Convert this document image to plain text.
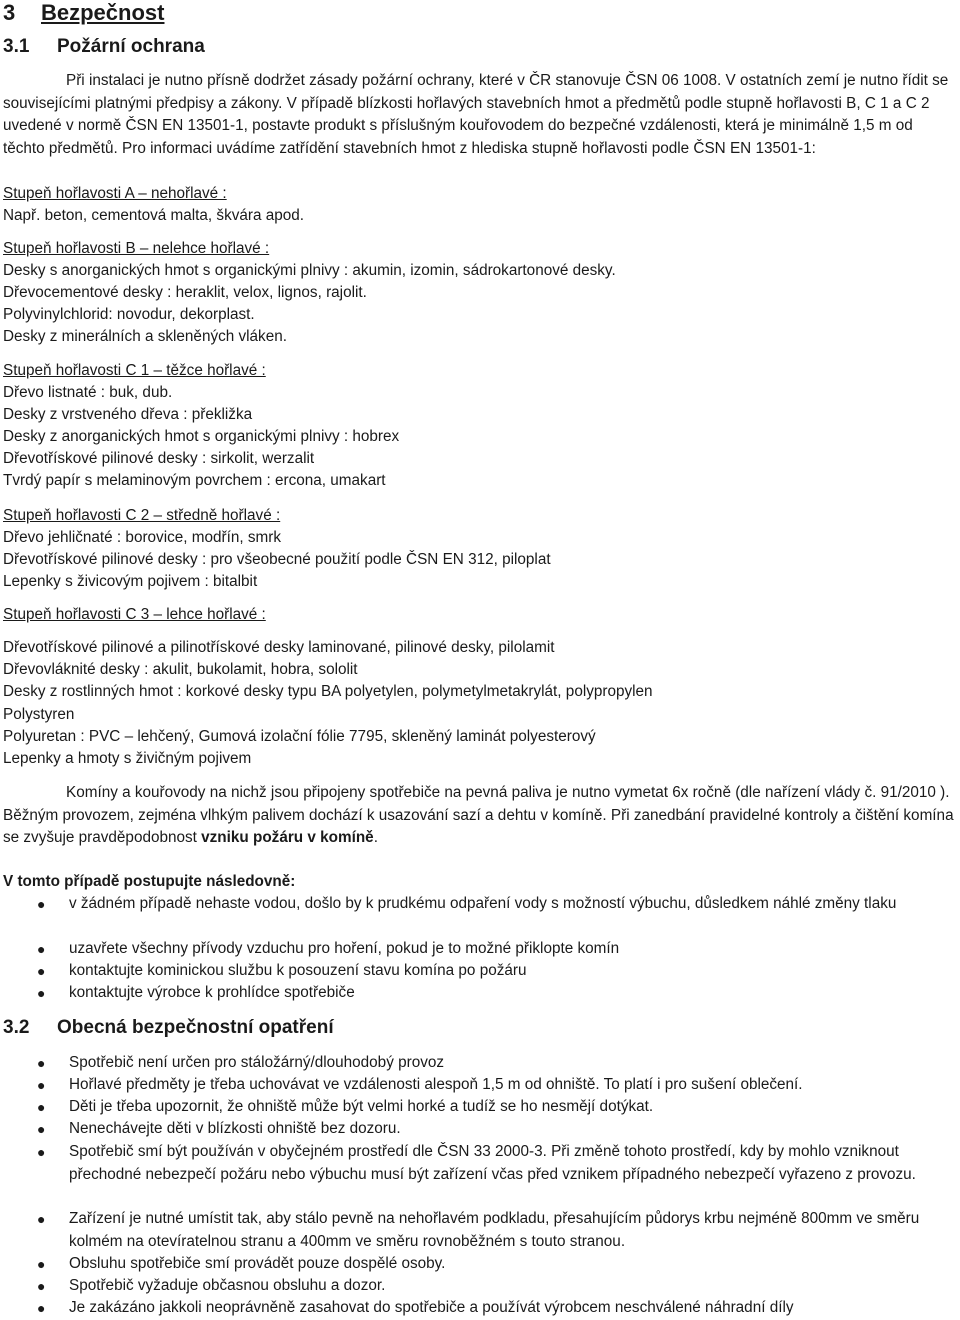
3 Bezpečnost
3.1 Požární ochrana
Při instalaci je nutno přísně dodržet zásady požární ochrany, které v ČR stanovuje ČSN 06 1008. V ostatních zemí je nutno řídit se souvisejícími platnými předpisy a zákony. V případě blízkosti hořlavých stavebních hmot a předmětů podle stupně hořlavosti B, C 1 a C 2 uvedené v normě ČSN EN 13501-1, postavte produkt s příslušným kouřovodem do bezpečné vzdálenosti, která je minimálně 1,5 m od těchto předmětů. Pro informaci uvádíme zatřídění stavebních hmot z hlediska stupně hořlavosti podle ČSN EN 13501-1:
Stupeň hořlavosti A – nehořlavé :
Např. beton, cementová malta, škvára apod.
Stupeň hořlavosti B – nelehce hořlavé :
Desky s anorganických hmot s organickými plnivy : akumin, izomin, sádrokartonové desky.
Dřevocementové desky : heraklit, velox, lignos, rajolit.
Polyvinylchlorid: novodur, dekorplast.
Desky z minerálních a skleněných vláken.
Stupeň hořlavosti C 1 – těžce hořlavé :
Dřevo listnaté : buk, dub.
Desky z vrstveného dřeva : překližka
Desky z anorganických hmot s organickými plnivy : hobrex
Dřevotřískové pilinové desky : sirkolit, werzalit
Tvrdý papír s melaminovým povrchem : ercona, umakart
Stupeň hořlavosti C 2 – středně hořlavé :
Dřevo jehličnaté : borovice, modřín, smrk
Dřevotřískové pilinové desky : pro všeobecné použití podle ČSN EN 312, piloplat
Lepenky s živicovým pojivem : bitalbit
Stupeň hořlavosti C 3 – lehce hořlavé :
Dřevotřískové pilinové a pilinotřískové desky laminované, pilinové desky, pilolamit
Dřevovláknité desky : akulit, bukolamit, hobra, sololit
Desky z rostlinných hmot : korkové desky typu BA polyetylen, polymetylmetakrylát, polypropylen
Polystyren
Polyuretan : PVC – lehčený, Gumová izolační fólie 7795, skleněný laminát polyesterový
Lepenky a hmoty s živičným pojivem
Komíny a kouřovody na nichž jsou připojeny spotřebiče na pevná paliva je nutno vymetat 6x ročně (dle nařízení vlády č. 91/2010 ). Běžným provozem, zejména vlhkým palivem dochází k usazování sazí a dehtu v komíně. Při zanedbání pravidelné kontroly a čištění komína se zvyšuje pravděpodobnost vzniku požáru v komíně.
V tomto případě postupujte následovně:
● v žádném případě nehaste vodou, došlo by k prudkému odpaření vody s možností výbuchu, důsledkem náhlé změny tlaku
● uzavřete všechny přívody vzduchu pro hoření, pokud je to možné přiklopte komín
● kontaktujte kominickou službu k posouzení stavu komína po požáru
● kontaktujte výrobce k prohlídce spotřebiče
3.2 Obecná bezpečnostní opatření
● Spotřebič není určen pro stáložárný/dlouhodobý provoz
● Hořlavé předměty je třeba uchovávat ve vzdálenosti alespoň 1,5 m od ohniště. To platí i pro sušení oblečení.
● Děti je třeba upozornit, že ohniště může být velmi horké a tudíž se ho nesmějí dotýkat.
● Nenechávejte děti v blízkosti ohniště bez dozoru.
● Spotřebič smí být používán v obyčejném prostředí dle ČSN 33 2000-3. Při změně tohoto prostředí, kdy by mohlo vzniknout přechodné nebezpečí požáru nebo výbuchu musí být zařízení včas před vznikem případného nebezpečí vyřazeno z provozu.
● Zařízení je nutné umístit tak, aby stálo pevně na nehořlavém podkladu, přesahujícím půdorys krbu nejméně 800mm ve směru kolmém na otevíratelnou stranu a 400mm ve směru rovnoběžném s touto stranou.
● Obsluhu spotřebiče smí provádět pouze dospělé osoby.
● Spotřebič vyžaduje občasnou obsluhu a dozor.
● Je zakázáno jakkoli neoprávněně zasahovat do spotřebiče a používát výrobcem neschválené náhradní díly
